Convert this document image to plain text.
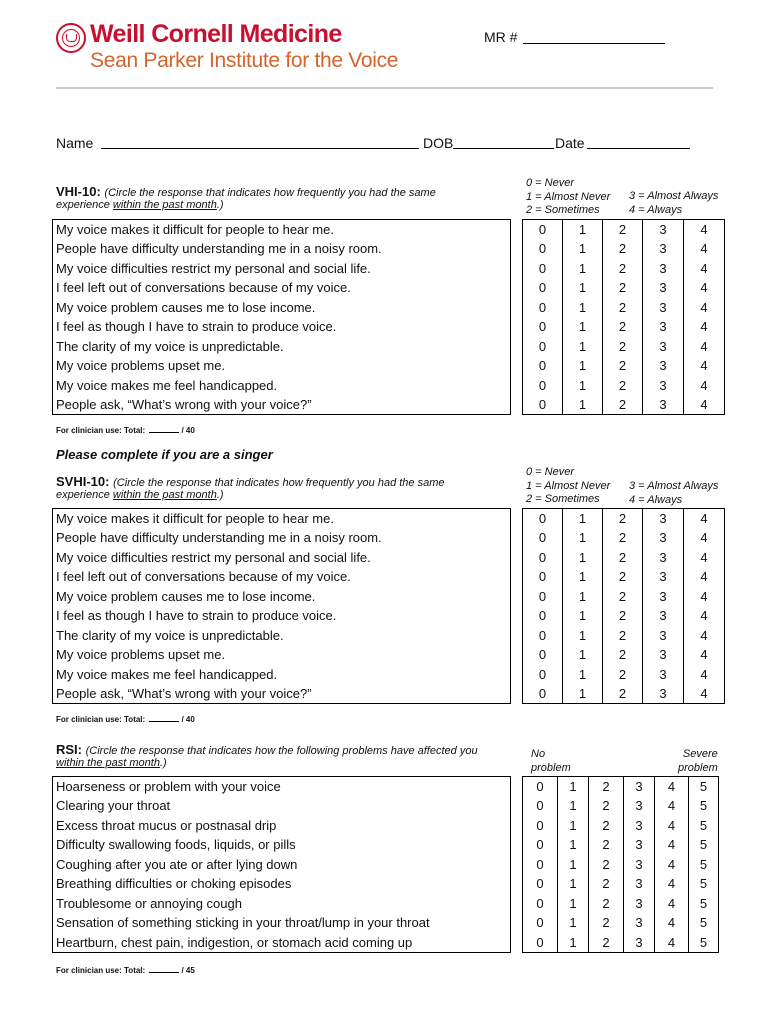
Weill Cornell Medicine
Sean Parker Institute for the Voice
MR #
Name	DOB	Date
VHI-10: (Circle the response that indicates how frequently you had the same
experience within the past month.)
0 = Never
1 = Almost Never
2 = Sometimes
3 = Almost Always
4 = Always
My voice makes it difficult for people to hear me.		0	1	2	3	4
People have difficulty understanding me in a noisy room.		0	1	2	3	4
My voice difficulties restrict my personal and social life.		0	1	2	3	4
I feel left out of conversations because of my voice.		0	1	2	3	4
My voice problem causes me to lose income.		0	1	2	3	4
I feel as though I have to strain to produce voice.		0	1	2	3	4
The clarity of my voice is unpredictable.		0	1	2	3	4
My voice problems upset me.		0	1	2	3	4
My voice makes me feel handicapped.		0	1	2	3	4
People ask, “What’s wrong with your voice?”		0	1	2	3	4
For clinician use: Total:	/ 40
Please complete if you are a singer
SVHI-10: (Circle the response that indicates how frequently you had the same
experience within the past month.)
0 = Never
1 = Almost Never
2 = Sometimes
3 = Almost Always
4 = Always
My voice makes it difficult for people to hear me.		0	1	2	3	4
People have difficulty understanding me in a noisy room.		0	1	2	3	4
My voice difficulties restrict my personal and social life.		0	1	2	3	4
I feel left out of conversations because of my voice.		0	1	2	3	4
My voice problem causes me to lose income.		0	1	2	3	4
I feel as though I have to strain to produce voice.		0	1	2	3	4
The clarity of my voice is unpredictable.		0	1	2	3	4
My voice problems upset me.		0	1	2	3	4
My voice makes me feel handicapped.		0	1	2	3	4
People ask, “What’s wrong with your voice?”		0	1	2	3	4
For clinician use: Total:	/ 40
RSI: (Circle the response that indicates how the following problems have affected you
within the past month.)
No
problem
Severe
problem
Hoarseness or problem with your voice		0	1	2	3	4	5
Clearing your throat		0	1	2	3	4	5
Excess throat mucus or postnasal drip		0	1	2	3	4	5
Difficulty swallowing foods, liquids, or pills		0	1	2	3	4	5
Coughing after you ate or after lying down		0	1	2	3	4	5
Breathing difficulties or choking episodes		0	1	2	3	4	5
Troublesome or annoying cough		0	1	2	3	4	5
Sensation of something sticking in your throat/lump in your throat		0	1	2	3	4	5
Heartburn, chest pain, indigestion, or stomach acid coming up		0	1	2	3	4	5
For clinician use: Total:	/ 45
